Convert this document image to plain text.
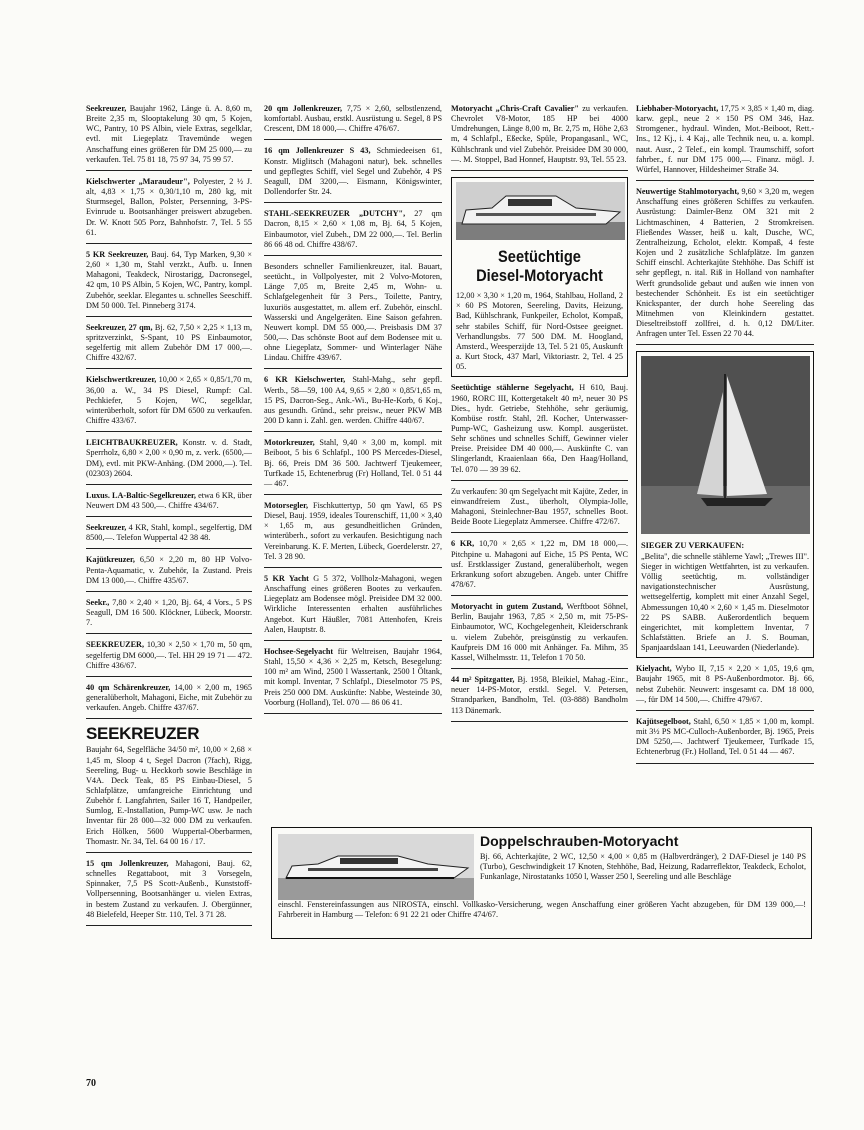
Seekreuzer, Baujahr 1962, Länge ü. A. 8,60 m, Breite 2,35 m, Slooptakelung 30 qm, 5 Kojen, WC, Pantry, 10 PS Albin, viele Extras, segelklar, evtl. mit Liegeplatz Travemünde wegen Anschaffung eines größeren für DM 25 000,— zu verkaufen. Tel. 75 81 18, 75 97 34, 75 99 57.

Kielschwerter „Maraudeur", Polyester, 2 ½ J. alt, 4,83 × 1,75 × 0,30/1,10 m, 280 kg, mit Sturmsegel, Ballon, Polster, Persenning, 3-PS-Evinrude u. Bootsanhänger preiswert abzugeben. Dr. W. Knott 505 Porz, Bahnhofstr. 7, Tel. 5 55 61.

5 KR Seekreuzer, Bauj. 64, Typ Marken, 9,30 × 2,60 × 1,30 m, Stahl verzkt., Aufb. u. Innen Mahagoni, Teakdeck, Nirostarigg, Dacronsegel, 42 qm, 10 PS Albin, 5 Kojen, WC, Pantry, kompl. Zubehör, seeklar. Elegantes u. schnelles Seeschiff. DM 50 000. Tel. Pinneberg 3174.

Seekreuzer, 27 qm, Bj. 62, 7,50 × 2,25 × 1,13 m, spritzverzinkt, S-Spant, 10 PS Einbaumotor, segelfertig mit allem Zubehör DM 17 000,—. Chiffre 432/67.

Kielschwertkreuzer, 10,00 × 2,65 × 0,85/1,70 m, 36,00 a. W., 34 PS Diesel, Rumpf: Cal. Pechkiefer, 5 Kojen, WC, segelklar, winterüberholt, sofort für DM 6500 zu verkaufen. Chiffre 433/67.

LEICHTBAUKREUZER, Konstr. v. d. Stadt, Sperrholz, 6,80 × 2,00 × 0,90 m, z. verk. (6500,— DM), evtl. mit PKW-Anhäng. (DM 2000,—). Tel. (02303) 2604.

Luxus. LA-Baltic-Segelkreuzer, etwa 6 KR, über Neuwert DM 43 500,—. Chiffre 434/67.

Seekreuzer, 4 KR, Stahl, kompl., segelfertig, DM 8500,—. Telefon Wuppertal 42 38 48.

Kajütkreuzer, 6,50 × 2,20 m, 80 HP Volvo-Penta-Aquamatic, v. Zubehör, Ia Zustand. Preis DM 13 000,—. Chiffre 435/67.

Seekr., 7,80 × 2,40 × 1,20, Bj. 64, 4 Vors., 5 PS Seagull, DM 16 500. Klöckner, Lübeck, Moorstr. 7.

SEEKREUZER, 10,30 × 2,50 × 1,70 m, 50 qm, segelfertig DM 6000,—. Tel. HH 29 19 71 — 472. Chiffre 436/67.

40 qm Schärenkreuzer, 14,00 × 2,00 m, 1965 generalüberholt, Mahagoni, Eiche, mit Zubehör zu verkaufen. Angeb. Chiffre 437/67.

SEEKREUZER

Baujahr 64, Segelfläche 34/50 m², 10,00 × 2,68 × 1,45 m, Sloop 4 t, Segel Dacron (7fach), Rigg, Seereling, Bug- u. Heckkorb sowie Beschläge in V4A. Deck Teak, 85 PS Einbau-Diesel, 5 Schlafplätze, umfangreiche Einrichtung und Zubehör f. Langfahrten, Sailer 16 T, Handpeiler, Sumlog, E.-Installation, Pump-WC usw. Je nach Inventar für 28 000—32 000 DM zu verkaufen. Erich Hölken, 5600 Wuppertal-Oberbarmen, Thomastr. Nr. 34, Tel. 64 00 16 / 17.

15 qm Jollenkreuzer, Mahagoni, Bauj. 62, schnelles Regattaboot, mit 3 Vorsegeln, Spinnaker, 7,5 PS Scott-Außenb., Kunststoff-Vollpersenning, Bootsanhänger u. vielen Extras, in bestem Zustand zu verkaufen. J. Obergünner, 48 Bielefeld, Heeper Str. 110, Tel. 3 71 28.

20 qm Jollenkreuzer, 7,75 × 2,60, selbstlenzend, komfortabl. Ausbau, erstkl. Ausrüstung u. Segel, 8 PS Crescent, DM 18 000,—. Chiffre 476/67.

16 qm Jollenkreuzer S 43, Schmiedeeisen 61, Konstr. Miglitsch (Mahagoni natur), bek. schnelles und gepflegtes Schiff, viel Segel und Zubehör, 4 PS Seagull, DM 3200,—. Eismann, Königswinter, Dollendorfer Str. 24.

STAHL-SEEKREUZER „DUTCHY", 27 qm Dacron, 8,15 × 2,60 × 1,08 m, Bj. 64, 5 Kojen, Einbaumotor, viel Zubeh., DM 22 000,—. Tel. Berlin 86 66 48 od. Chiffre 438/67.

Besonders schneller Familienkreuzer, ital. Bauart, seetücht., in Vollpolyester, mit 2 Volvo-Motoren, Länge 7,05 m, Breite 2,45 m, Wohn- u. Schlafgelegenheit für 3 Pers., Toilette, Pantry, luxuriös ausgestattet, m. allem erf. Zubehör, einschl. Wasserski und Angelgeräten. Eine Saison gefahren. Neuwert kompl. DM 55 000,—. Preisbasis DM 37 500,—. Das schönste Boot auf dem Bodensee mit u. ohne Liegeplatz, Sommer- und Winterlager Nähe Lindau. Chiffre 439/67.

6 KR Kielschwerter, Stahl-Mahg., sehr gepfl. Wertb., 58—59, 100 A4, 9,65 × 2,80 × 0,85/1,65 m, 15 PS, Dacron-Seg., Ank.-Wi., Bu-He-Korb, 6 Koj., aus gesundh. Gründ., sehr preisw., neuer PKW MB 200 D kann i. Zahl. gen. werden. Chiffre 440/67.

Motorkreuzer, Stahl, 9,40 × 3,00 m, kompl. mit Beiboot, 5 bis 6 Schlafpl., 100 PS Mercedes-Diesel, Bj. 66, Preis DM 36 500. Jachtwerf Tjeukemeer, Turfkade 15, Echtenerbrug (Fr) Holland, Tel. 0 51 44 — 467.

Motorsegler, Fischkuttertyp, 50 qm Yawl, 65 PS Diesel, Bauj. 1959, ideales Tourenschiff, 11,00 × 3,40 × 1,65 m, aus gesundheitlichen Gründen, winterüberh., sofort zu verkaufen. Besichtigung nach Vereinbarung. K. F. Merten, Lübeck, Goerdelerstr. 27, Tel. 3 28 90.

5 KR Yacht G 5 372, Vollholz-Mahagoni, wegen Anschaffung eines größeren Bootes zu verkaufen. Liegeplatz am Bodensee mögl. Preisidee DM 32 000. Wirkliche Interessenten erhalten ausführliches Angebot. Kurt Häußler, 7081 Attenhofen, Kreis Aalen, Hauptstr. 8.

Hochsee-Segelyacht für Weltreisen, Baujahr 1964, Stahl, 15,50 × 4,36 × 2,25 m, Ketsch, Besegelung: 100 m² am Wind, 2500 l Wassertank, 2500 l Öltank, mit kompl. Inventar, 7 Schlafpl., Dieselmotor 75 PS, Preis 250 000 DM. Auskünfte: Nabbe, Westeinde 30, Voorburg (Holland), Tel. 070 — 86 06 41.

Motoryacht „Chris-Craft Cavalier" zu verkaufen. Chevrolet V8-Motor, 185 HP bei 4000 Umdrehungen, Länge 8,00 m, Br. 2,75 m, Höhe 2,63 m, 4 Schlafpl., Eßecke, Spüle, Propangasanl., WC, Kühlschrank und viel Zubehör. Preisidee DM 30 000,—. M. Stoppel, Bad Honnef, Hauptstr. 93, Tel. 55 23.

Seetüchtige
Diesel-Motoryacht

12,00 × 3,30 × 1,20 m, 1964, Stahlbau, Holland, 2 × 60 PS Motoren, Seereling, Davits, Heizung, Bad, Kühlschrank, Funkpeiler, Echolot, Kompaß, sehr stabiles Schiff, für Nord-Ostsee geeignet. Verhandlungsbs. 77 500 DM. M. Hoogland, Amsterd., Weesperzijde 13, Tel. 5 21 05, Auskunft a. Kurt Stock, 437 Marl, Viktoriastr. 2, Tel. 4 25 05.

Seetüchtige stählerne Segelyacht, H 610, Bauj. 1960, RORC III, Kottergetakelt 40 m², neuer 30 PS Dies., hydr. Getriebe, Stehhöhe, sehr geräumig, Kombüse rostfr. Stahl, 2fl. Kocher, Unterwasser-Pump-WC, Gasheizung usw. Kompl. ausgerüstet. Sehr schönes und schnelles Schiff, Gewinner vieler Preise. Preisidee DM 40 000,—. Auskünfte C. van Slingerlandt, Kraaienlaan 66a, Den Haag/Holland, Tel. 070 — 39 39 62.

Zu verkaufen: 30 qm Segelyacht mit Kajüte, Zeder, in einwandfreiem Zust., überholt, Olympia-Jolle, Mahagoni, Steinlechner-Bau 1957, schnelles Boot. Beide Boote Liegeplatz Ammersee. Chiffre 472/67.

6 KR, 10,70 × 2,65 × 1,22 m, DM 18 000,—. Pitchpine u. Mahagoni auf Eiche, 15 PS Penta, WC usf. Erstklassiger Zustand, generalüberholt, wegen Erkrankung sofort abzugeben. Angeb. unter Chiffre 478/67.

Motoryacht in gutem Zustand, Werftboot Söhnel, Berlin, Baujahr 1963, 7,85 × 2,50 m, mit 75-PS-Einbaumotor, WC, Kochgelegenheit, Kleiderschrank u. vielem Zubehör, preisgünstig zu verkaufen. Kaufpreis DM 16 000 mit Anhänger. Fa. Mihm, 35 Kassel, Wilhelmsstr. 11, Telefon 1 70 50.

44 m² Spitzgatter, Bj. 1958, Bleikiel, Mahag.-Einr., neuer 14-PS-Motor, erstkl. Segel. V. Petersen, Strandparken, Bandholm, Tel. (03-888) Bandholm 113 Dänemark.

Liebhaber-Motoryacht, 17,75 × 3,85 × 1,40 m, diag. karw. gepl., neue 2 × 150 PS OM 346, Haz. Stromgener., hydraul. Winden, Mot.-Beiboot, Rett.-Ins., 12 Kj., i. 4 Kaj., alle Technik neu, u. a. kompl. naut. Ausr., 2 Telef., ein kompl. Traumschiff, sofort fahrber., f. nur DM 175 000,—. Finanz. mögl. J. Würfel, Hannover, Hildesheimer Straße 34.

Neuwertige Stahlmotoryacht, 9,60 × 3,20 m, wegen Anschaffung eines größeren Schiffes zu verkaufen. Ausrüstung: Daimler-Benz OM 321 mit 2 Lichtmaschinen, 4 Batterien, 2 Stromkreisen. Fließendes Wasser, heiß u. kalt, Dusche, WC, Zentralheizung, Echolot, elektr. Kompaß, 4 feste Kojen und 2 zusätzliche Schlafplätze. Im ganzen Schiff einschl. Achterkajüte Stehhöhe. Das Schiff ist sehr gepflegt, n. ital. Riß in Holland von namhafter Werft grundsolide gebaut und außen wie innen von bestechender Schönheit. Es ist ein seetüchtiger Knickspanter, der durch hohe Seereling das Mitnehmen von Kleinkindern gestattet. Dieseltreibstoff zollfrei, d. h. 0,12 DM/Liter. Anfragen unter Tel. Essen 22 70 44.

SIEGER ZU VERKAUFEN:

„Belita", die schnelle stählerne Yawl; „Trewes III". Sieger in wichtigen Wettfahrten, ist zu verkaufen. Völlig seetüchtig, m. vollständiger navigationstechnischer Ausrüstung, wettsegelfertig, komplett mit einer Anzahl Segel, Abmessungen 10,40 × 2,60 × 1,45 m. Dieselmotor 22 PS SABB. Außerordentlich bequem eingerichtet, mit komplettem Inventar, 7 Schlafstätten. Briefe an J. S. Bouman, Spanjaardslaan 141, Leeuwarden (Niederlande).

Kielyacht, Wybo II, 7,15 × 2,20 × 1,05, 19,6 qm, Baujahr 1965, mit 8 PS-Außenbordmotor. Bj. 66, nebst Zubehör. Neuwert: insgesamt ca. DM 18 000,—, für DM 14 500,—. Chiffre 479/67.

Kajütsegelboot, Stahl, 6,50 × 1,85 × 1,00 m, kompl. mit 3½ PS MC-Culloch-Außenborder, Bj. 1965, Preis DM 5250,—. Jachtwerf Tjeukemeer, Turfkade 15, Echtenerbrug (Fr.) Holland, Tel. 0 51 44 — 467.

Doppelschrauben-Motoryacht
Bj. 66, Achterkajüte, 2 WC, 12,50 × 4,00 × 0,85 m (Halbverdränger), 2 DAF-Diesel je 140 PS (Turbo), Geschwindigkeit 17 Knoten, Stehhöhe, Bad, Heizung, Radarreflektor, Teakdeck, Echolot, Funkanlage, Nirostatanks 1050 l, Wasser 250 l, Seereling und alle Beschläge
einschl. Fenstereinfassungen aus NIROSTA, einschl. Vollkasko-Versicherung, wegen Anschaffung einer größeren Yacht abzugeben, für DM 139 000,—! Fahrbereit in Hamburg — Telefon: 6 91 22 21 oder Chiffre 474/67.
70
